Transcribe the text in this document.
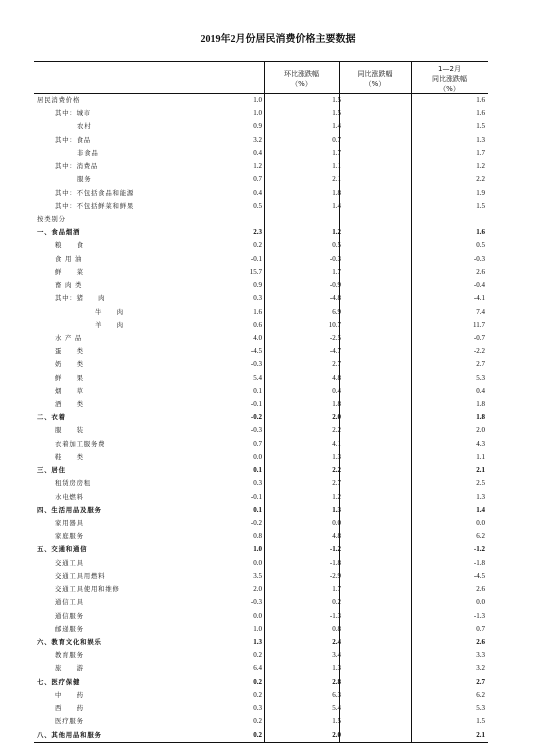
2019年2月份居民消费价格主要数据
环比涨跌幅
（%）
同比涨跌幅
（%）
1—2月
同比涨跌幅
（%）
居民消费价格	1.0	1.5	1.6
其中：城市	1.0	1.5	1.6
农村	0.9	1.4	1.5
其中：食品	3.2	0.7	1.3
非食品	0.4	1.7	1.7
其中：消费品	1.2	1.1	1.2
服务	0.7	2.1	2.2
其中：不包括食品和能源	0.4	1.8	1.9
其中：不包括鲜菜和鲜果	0.5	1.4	1.5
按类别分
一、食品烟酒	2.3	1.2	1.6
粮　　食	0.2	0.5	0.5
食 用 油	-0.1	-0.3	-0.3
鲜　　菜	15.7	1.7	2.6
畜 肉 类	0.9	-0.9	-0.4
其中：猪　　肉	0.3	-4.8	-4.1
牛　　肉	1.6	6.9	7.4
羊　　肉	0.6	10.7	11.7
水 产 品	4.0	-2.5	-0.7
蛋　　类	-4.5	-4.7	-2.2
奶　　类	-0.3	2.7	2.7
鲜　　果	5.4	4.8	5.3
烟　　草	0.1	0.4	0.4
酒　　类	-0.1	1.8	1.8
二、衣着	-0.2	2.0	1.8
服　　装	-0.3	2.2	2.0
衣着加工服务费	0.7	4.1	4.3
鞋　　类	0.0	1.3	1.1
三、居住	0.1	2.2	2.1
租赁房房租	0.3	2.7	2.5
水电燃料	-0.1	1.2	1.3
四、生活用品及服务	0.1	1.3	1.4
家用器具	-0.2	0.0	0.0
家庭服务	0.8	4.8	6.2
五、交通和通信	1.0	-1.2	-1.2
交通工具	0.0	-1.8	-1.8
交通工具用燃料	3.5	-2.9	-4.5
交通工具使用和维修	2.0	1.7	2.6
通信工具	-0.3	0.2	0.0
通信服务	0.0	-1.3	-1.3
邮递服务	1.0	0.8	0.7
六、教育文化和娱乐	1.3	2.4	2.6
教育服务	0.2	3.4	3.3
旅　　游	6.4	1.3	3.2
七、医疗保健	0.2	2.8	2.7
中　　药	0.2	6.3	6.2
西　　药	0.3	5.4	5.3
医疗服务	0.2	1.5	1.5
八、其他用品和服务	0.2	2.0	2.1
